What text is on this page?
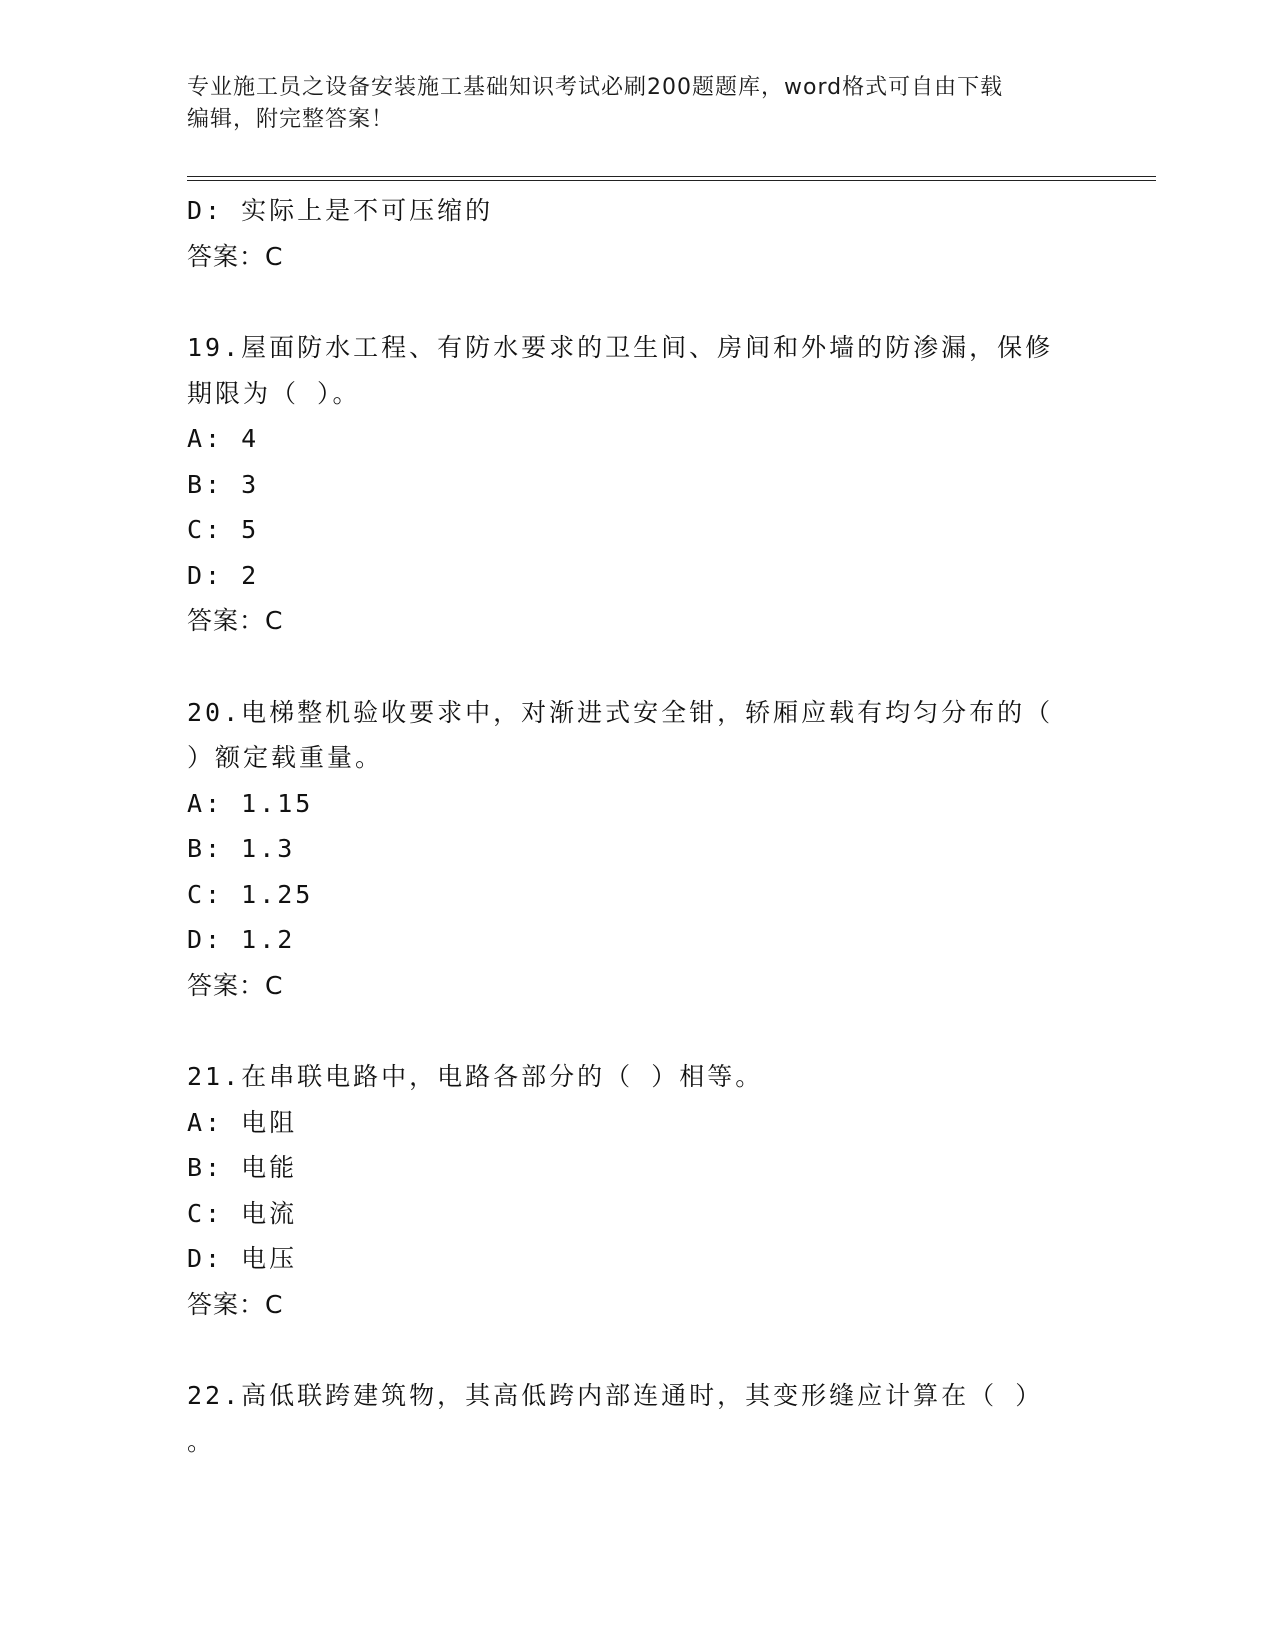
专业施工员之设备安装施工基础知识考试必刷200题题库，word格式可自由下载
编辑，附完整答案！
D: 实际上是不可压缩的
答案：C
19.屋面防水工程、有防水要求的卫生间、房间和外墙的防渗漏，保修
期限为（ ）。
A: 4
B: 3
C: 5
D: 2
答案：C
20.电梯整机验收要求中，对渐进式安全钳，轿厢应载有均匀分布的（
）额定载重量。
A: 1.15
B: 1.3
C: 1.25
D: 1.2
答案：C
21.在串联电路中，电路各部分的（ ）相等。
A: 电阻
B: 电能
C: 电流
D: 电压
答案：C
22.高低联跨建筑物，其高低跨内部连通时，其变形缝应计算在（ ）
。
